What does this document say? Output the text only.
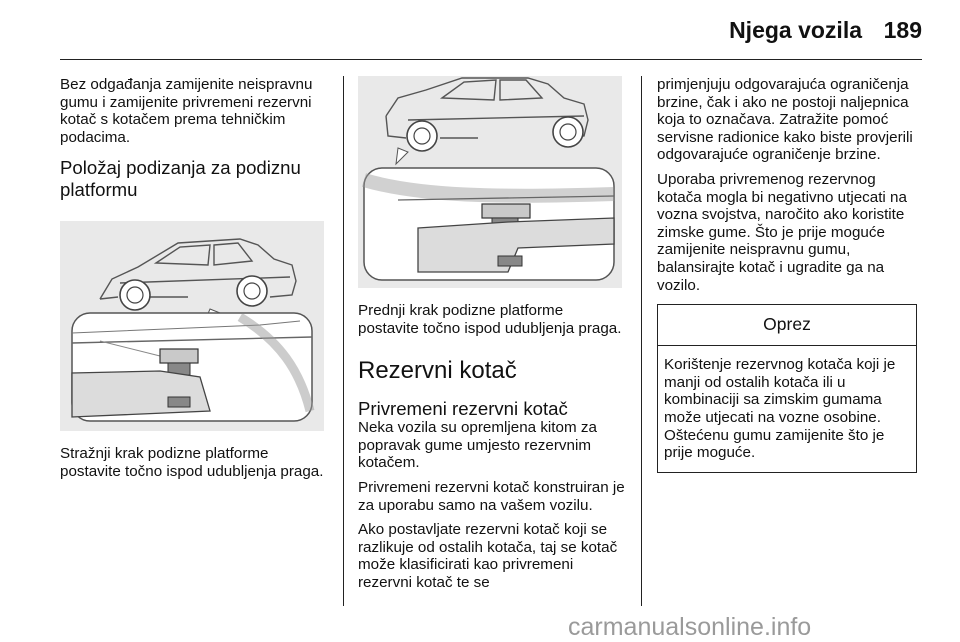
Njega vozila 189

Bez odgađanja zamijenite neispravnu gumu i zamijenite privremeni rezervni kotač s kotačem prema tehničkim podacima.

Položaj podizanja za podiznu platformu

Stražnji krak podizne platforme postavite točno ispod udubljenja praga.

Prednji krak podizne platforme postavite točno ispod udubljenja praga.

Rezervni kotač
Privremeni rezervni kotač

Neka vozila su opremljena kitom za popravak gume umjesto rezervnim kotačem.

Privremeni rezervni kotač konstruiran je za uporabu samo na vašem vozilu.

Ako postavljate rezervni kotač koji se razlikuje od ostalih kotača, taj se kotač može klasificirati kao privremeni rezervni kotač te se

primjenjuju odgovarajuća ograničenja brzine, čak i ako ne postoji naljepnica koja to označava. Zatražite pomoć servisne radionice kako biste provjerili odgovarajuće ograničenje brzine.

Uporaba privremenog rezervnog kotača mogla bi negativno utjecati na vozna svojstva, naročito ako koristite zimske gume. Što je prije moguće zamijenite neispravnu gumu, balansirajte kotač i ugradite ga na vozilo.

Oprez

Korištenje rezervnog kotača koji je manji od ostalih kotača ili u kombinaciji sa zimskim gumama može utjecati na vozne osobine. Oštećenu gumu zamijenite što je prije moguće.

carmanualsonline.info
